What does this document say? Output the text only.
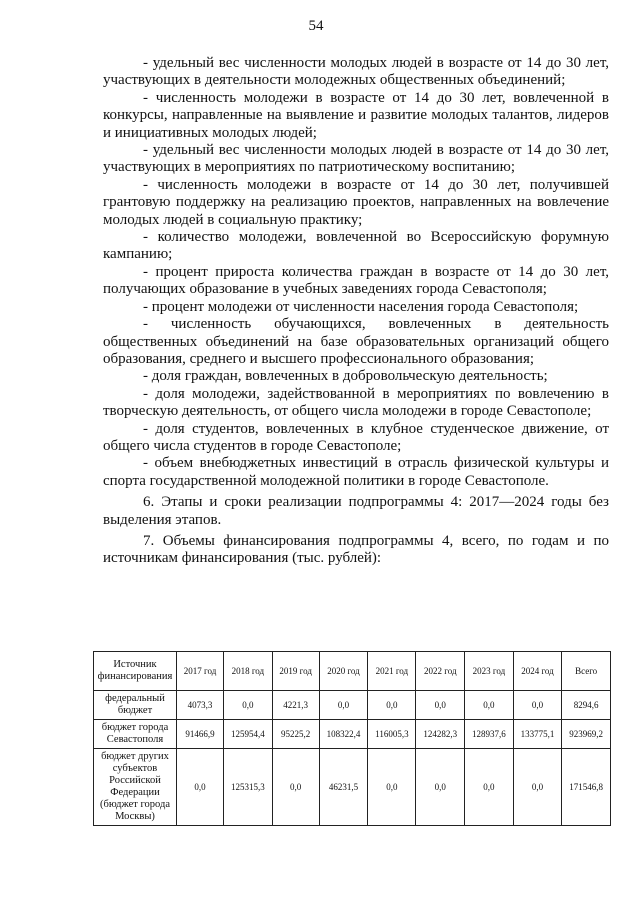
54

- удельный вес численности молодых людей в возрасте от 14 до 30 лет, участвующих в деятельности молодежных общественных объединений;

- численность молодежи в возрасте от 14 до 30 лет, вовлеченной в конкурсы, направленные на выявление и развитие молодых талантов, лидеров и инициативных молодых людей;

- удельный вес численности молодых людей в возрасте от 14 до 30 лет, участвующих в мероприятиях по патриотическому воспитанию;

- численность молодежи в возрасте от 14 до 30 лет, получившей грантовую поддержку на реализацию проектов, направленных на вовлечение молодых людей в социальную практику;

- количество молодежи, вовлеченной во Всероссийскую форумную кампанию;

- процент прироста количества граждан в возрасте от 14 до 30 лет, получающих образование в учебных заведениях города Севастополя;

- процент молодежи от численности населения города Севастополя;

- численность обучающихся, вовлеченных в деятельность общественных объединений на базе образовательных организаций общего образования, среднего и высшего профессионального образования;

- доля граждан, вовлеченных в добровольческую деятельность;

- доля молодежи, задействованной в мероприятиях по вовлечению в творческую деятельность, от общего числа молодежи в городе Севастополе;

- доля студентов, вовлеченных в клубное студенческое движение, от общего числа студентов в городе Севастополе;

- объем внебюджетных инвестиций в отрасль физической культуры и спорта государственной молодежной политики в городе Севастополе.

6. Этапы и сроки реализации подпрограммы 4: 2017—2024 годы без выделения этапов.

7. Объемы финансирования подпрограммы 4, всего, по годам и по источникам финансирования (тыс. рублей):

Источник финансирования	2017 год	2018 год	2019 год	2020 год	2021 год	2022 год	2023 год	2024 год	Всего
федеральный бюджет	4073,3	0,0	4221,3	0,0	0,0	0,0	0,0	0,0	8294,6
бюджет города Севастополя	91466,9	125954,4	95225,2	108322,4	116005,3	124282,3	128937,6	133775,1	923969,2
бюджет других субъектов Российской Федерации (бюджет города Москвы)	0,0	125315,3	0,0	46231,5	0,0	0,0	0,0	0,0	171546,8
